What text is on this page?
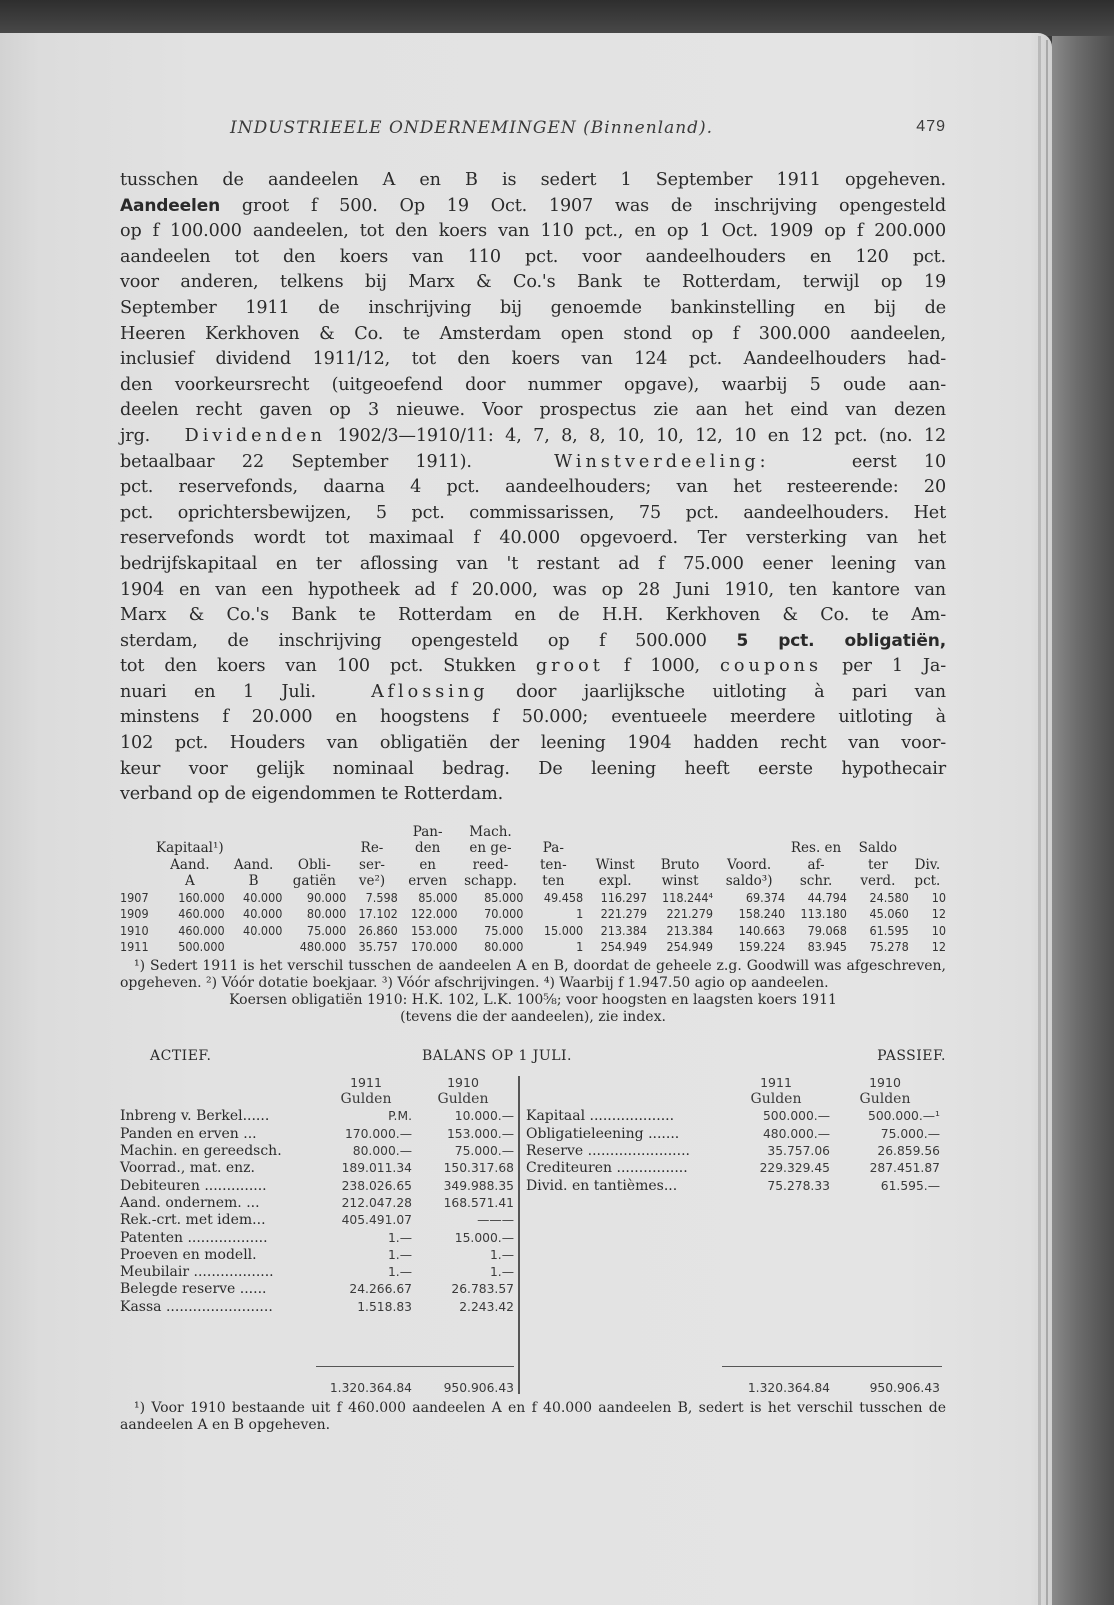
INDUSTRIEELE ONDERNEMINGEN (Binnenland).	479
tusschen de aandeelen A en B is sedert 1 September 1911 opgeheven.
Aandeelen groot f 500. Op 19 Oct. 1907 was de inschrijving opengesteld
op f 100.000 aandeelen, tot den koers van 110 pct., en op 1 Oct. 1909 op f 200.000
aandeelen tot den koers van 110 pct. voor aandeelhouders en 120 pct.
voor anderen, telkens bij Marx & Co.'s Bank te Rotterdam, terwijl op 19
September 1911 de inschrijving bij genoemde bankinstelling en bij de
Heeren Kerkhoven & Co. te Amsterdam open stond op f 300.000 aandeelen,
inclusief dividend 1911/12, tot den koers van 124 pct. Aandeelhouders had-
den voorkeursrecht (uitgeoefend door nummer opgave), waarbij 5 oude aan-
deelen recht gaven op 3 nieuwe. Voor prospectus zie aan het eind van dezen
jrg. Dividenden 1902/3—1910/11: 4, 7, 8, 8, 10, 10, 12, 10 en 12 pct. (no. 12
betaalbaar 22 September 1911).	Winstverdeeling:	eerst 10
pct. reservefonds, daarna 4 pct. aandeelhouders; van het resteerende: 20
pct. oprichtersbewijzen, 5 pct. commissarissen, 75 pct. aandeelhouders. Het
reservefonds wordt tot maximaal f 40.000 opgevoerd. Ter versterking van het
bedrijfskapitaal en ter aflossing van 't restant ad f 75.000 eener leening van
1904 en van een hypotheek ad f 20.000, was op 28 Juni 1910, ten kantore van
Marx & Co.'s Bank te Rotterdam en de H.H. Kerkhoven & Co. te Am-
sterdam, de inschrijving opengesteld op f 500.000 5 pct. obligatiën,
tot den koers van 100 pct. Stukken groot f 1000, coupons per 1 Ja-
nuari en 1 Juli.	Aflossing door jaarlijksche uitloting à pari van
minstens f 20.000 en hoogstens f 50.000; eventueele meerdere uitloting à
102 pct. Houders van obligatiën der leening 1904 hadden recht van voor-
keur voor gelijk nominaal bedrag. De leening heeft eerste hypothecair
verband op de eigendommen te Rotterdam.
					Pan-	Mach.							
	Kapitaal¹)			Re-	den	en ge-	Pa-				Res. en	Saldo	
	Aand.	Aand.	Obli-	ser-	en	reed-	ten-	Winst	Bruto	Voord.	af-	ter	Div.
	A	B	gatiën	ve²)	erven	schapp.	ten	expl.	winst	saldo³)	schr.	verd.	pct.
1907	160.000	40.000	90.000	7.598	85.000	85.000	49.458	116.297	118.244⁴	69.374	44.794	24.580	10
1909	460.000	40.000	80.000	17.102	122.000	70.000	1	221.279	221.279	158.240	113.180	45.060	12
1910	460.000	40.000	75.000	26.860	153.000	75.000	15.000	213.384	213.384	140.663	79.068	61.595	10
1911	500.000		480.000	35.757	170.000	80.000	1	254.949	254.949	159.224	83.945	75.278	12

¹) Sedert 1911 is het verschil tusschen de aandeelen A en B, doordat de geheele z.g. Goodwill was afgeschreven, opgeheven. ²) Vóór dotatie boekjaar. ³) Vóór afschrijvingen. ⁴) Waarbij f 1.947.50 agio op aandeelen.

Koersen obligatiën 1910: H.K. 102, L.K. 100⅝; voor hoogsten en laagsten koers 1911
(tevens die der aandeelen), zie index.
ACTIEF.	BALANS OP 1 JULI.	PASSIEF.
1911	1910
Gulden	Gulden
Inbreng v. Berkel......	P.M.	10.000.—
Panden en erven ...	170.000.—	153.000.—
Machin. en gereedsch.	80.000.—	75.000.—
Voorrad., mat. enz.	189.011.34	150.317.68
Debiteuren ..............	238.026.65	349.988.35
Aand. ondernem. ...	212.047.28	168.571.41
Rek.-crt. met idem...	405.491.07	———
Patenten ..................	1.—	15.000.—
Proeven en modell.	1.—	1.—
Meubilair ..................	1.—	1.—
Belegde reserve ......	24.266.67	26.783.57
Kassa ........................	1.518.83	2.243.42
1.320.364.84	950.906.43
1911	1910
Gulden	Gulden
Kapitaal ...................	500.000.—	500.000.—¹
Obligatieleening .......	480.000.—	75.000.—
Reserve .......................	35.757.06	26.859.56
Crediteuren ................	229.329.45	287.451.87
Divid. en tantièmes...	75.278.33	61.595.—
1.320.364.84	950.906.43

¹) Voor 1910 bestaande uit f 460.000 aandeelen A en f 40.000 aandeelen B, sedert is het verschil tusschen de aandeelen A en B opgeheven.
